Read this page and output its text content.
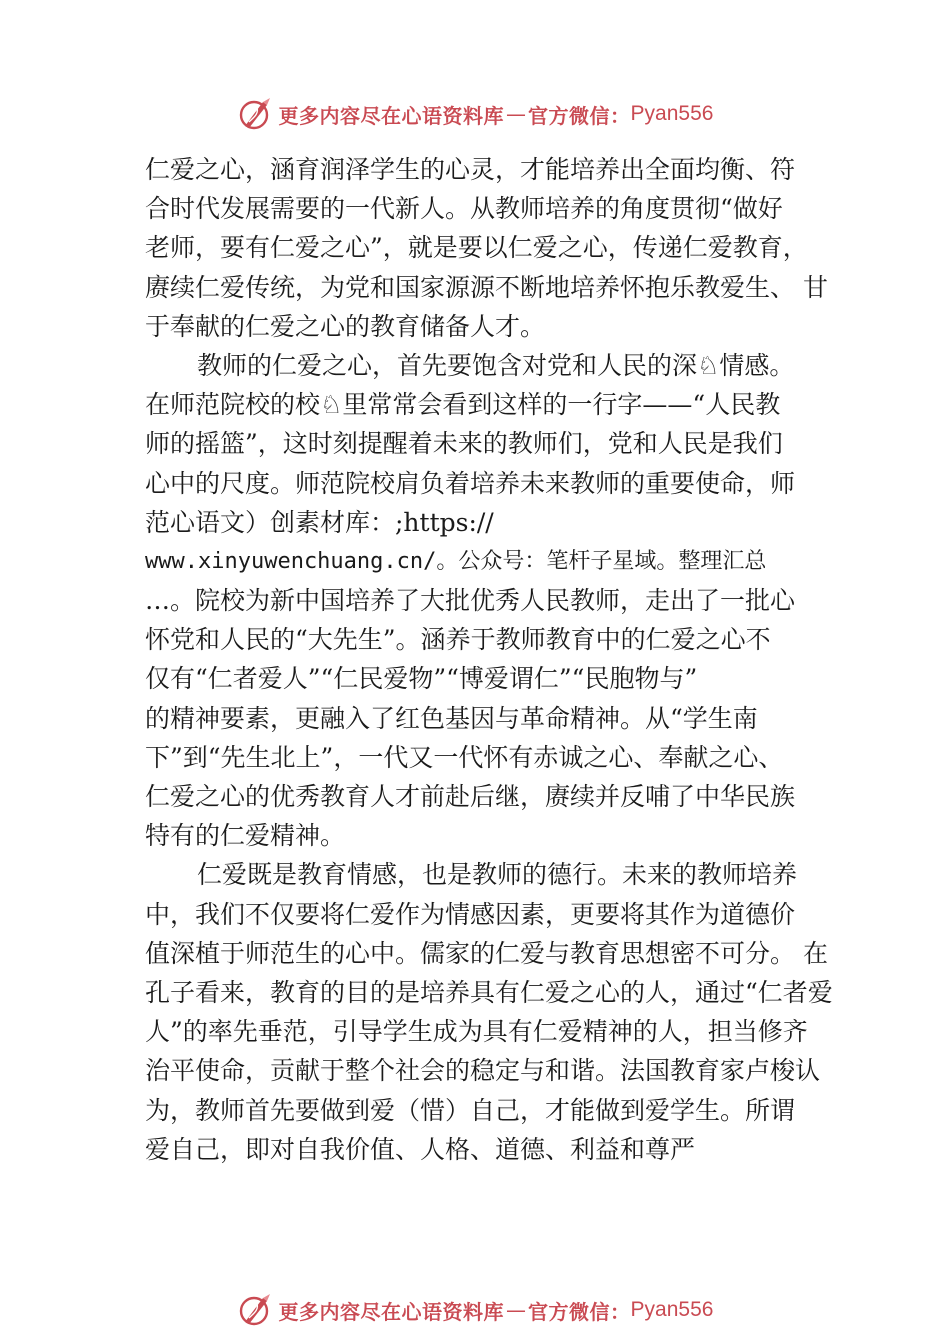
更多内容尽在心语资料库 — 官方微信： Pyan556
仁爱之心，涵育润泽学生的心灵，才能培养出全面均衡、符
合时代发展需要的一代新人。从教师培养的角度贯彻“做好
老师，要有仁爱之心”，就是要以仁爱之心，传递仁爱教育，
赓续仁爱传统，为党和国家源源不断地培养怀抱乐教爱生、 甘
于奉献的仁爱之心的教育储备人才。
教师的仁爱之心，首先要饱含对党和人民的深♘情感。
在师范院校的校♘里常常会看到这样的一行字——“人民教
师的摇篮”，这时刻提醒着未来的教师们，党和人民是我们
心中的尺度。师范院校肩负着培养未来教师的重要使命，师
范心语文）创素材库：;https://
www.xinyuwenchuang.cn/。公众号：笔杆子星域。整理汇总
…。院校为新中国培养了大批优秀人民教师，走出了一批心
怀党和人民的“大先生”。涵养于教师教育中的仁爱之心不
仅有“仁者爱人”“仁民爱物”“博爱谓仁”“民胞物与”
的精神要素，更融入了红色基因与革命精神。从“学生南
下”到“先生北上”，一代又一代怀有赤诚之心、奉献之心、
仁爱之心的优秀教育人才前赴后继，赓续并反哺了中华民族
特有的仁爱精神。
仁爱既是教育情感，也是教师的德行。未来的教师培养
中，我们不仅要将仁爱作为情感因素，更要将其作为道德价
值深植于师范生的心中。儒家的仁爱与教育思想密不可分。 在
孔子看来，教育的目的是培养具有仁爱之心的人，通过“仁者爱
人”的率先垂范，引导学生成为具有仁爱精神的人，担当修齐
治平使命，贡献于整个社会的稳定与和谐。法国教育家卢梭认
为，教师首先要做到爱（惜）自己，才能做到爱学生。所谓
爱自己，即对自我价值、人格、道德、利益和尊严
更多内容尽在心语资料库 — 官方微信： Pyan556
